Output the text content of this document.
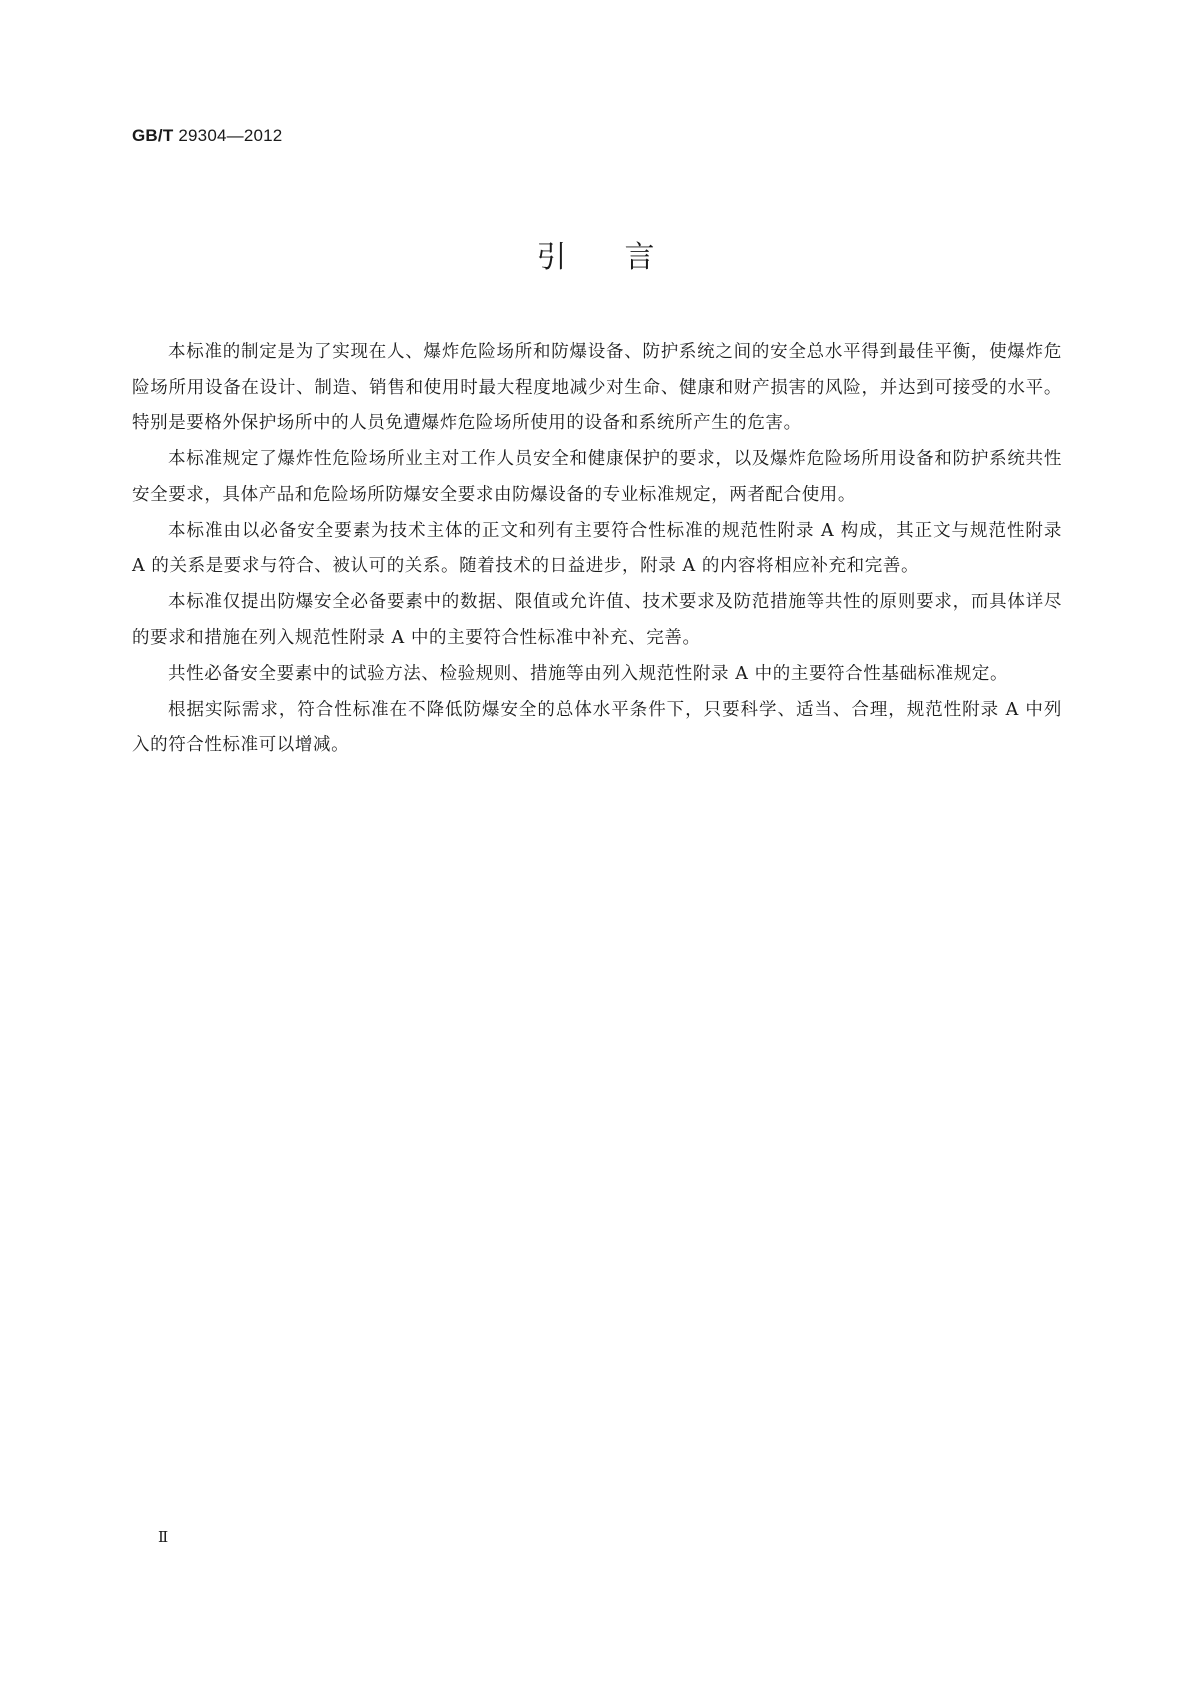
GB/T 29304—2012
引言

本标准的制定是为了实现在人、爆炸危险场所和防爆设备、防护系统之间的安全总水平得到最佳平衡，使爆炸危险场所用设备在设计、制造、销售和使用时最大程度地减少对生命、健康和财产损害的风险，并达到可接受的水平。特别是要格外保护场所中的人员免遭爆炸危险场所使用的设备和系统所产生的危害。

本标准规定了爆炸性危险场所业主对工作人员安全和健康保护的要求，以及爆炸危险场所用设备和防护系统共性安全要求，具体产品和危险场所防爆安全要求由防爆设备的专业标准规定，两者配合使用。

本标准由以必备安全要素为技术主体的正文和列有主要符合性标准的规范性附录 A 构成，其正文与规范性附录 A 的关系是要求与符合、被认可的关系。随着技术的日益进步，附录 A 的内容将相应补充和完善。

本标准仅提出防爆安全必备要素中的数据、限值或允许值、技术要求及防范措施等共性的原则要求，而具体详尽的要求和措施在列入规范性附录 A 中的主要符合性标准中补充、完善。

共性必备安全要素中的试验方法、检验规则、措施等由列入规范性附录 A 中的主要符合性基础标准规定。

根据实际需求，符合性标准在不降低防爆安全的总体水平条件下，只要科学、适当、合理，规范性附录 A 中列入的符合性标准可以增减。

Ⅱ
